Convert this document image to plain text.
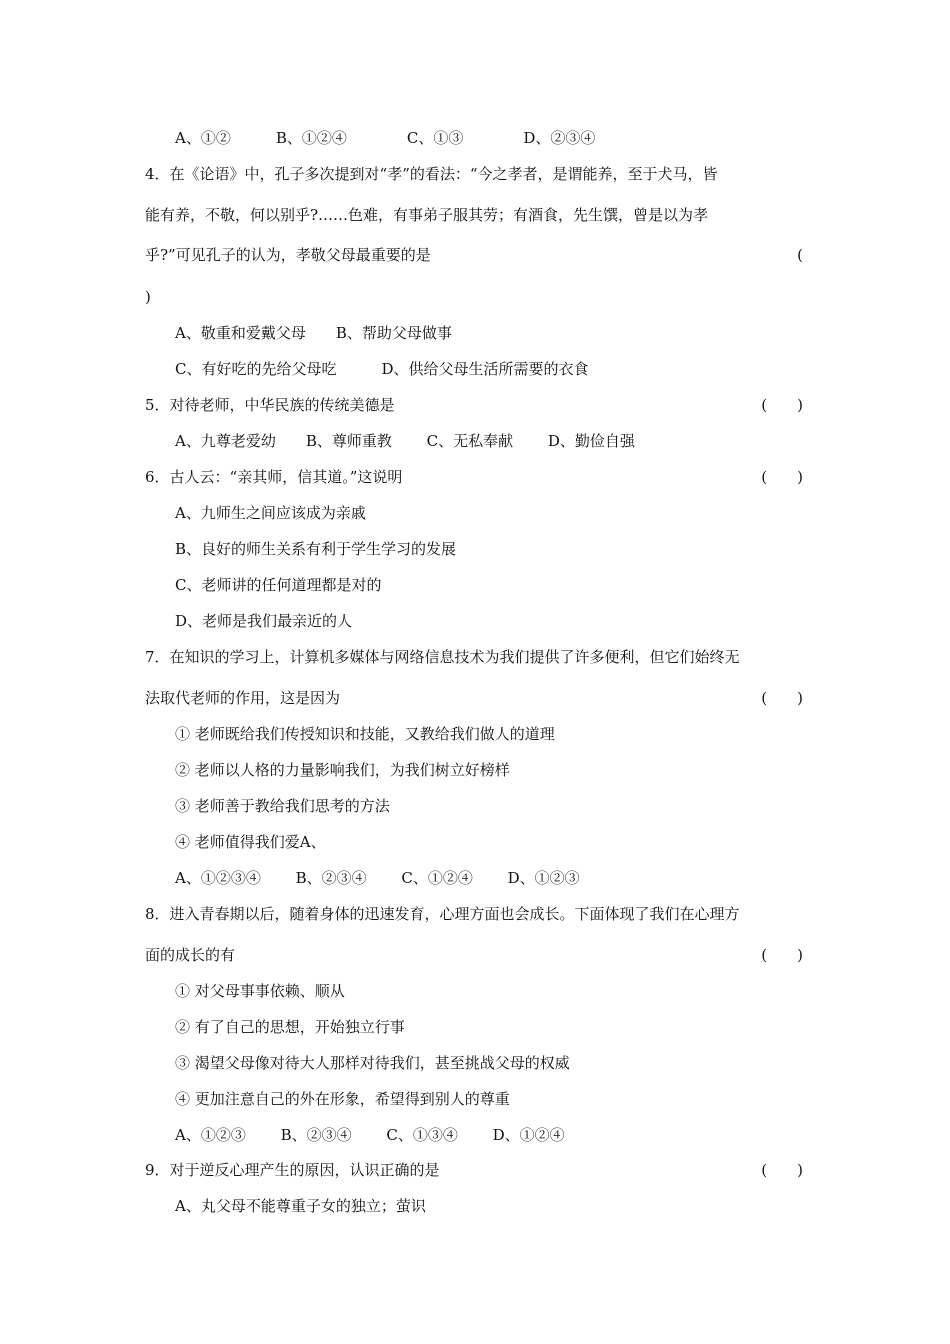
A、①②　　　B、①②④　　　　C、①③　　　　D、②③④
4．在《论语》中，孔子多次提到对“孝”的看法：“今之孝者，是谓能养，至于犬马，皆
能有养，不敬，何以别乎?……色难，有事弟子服其劳；有酒食，先生馔，曾是以为孝
乎?”可见孔子的认为，孝敬父母最重要的是	(
)
A、敬重和爱戴父母　　B、帮助父母做事
C、有好吃的先给父母吃　　　D、供给父母生活所需要的衣食
5．对待老师，中华民族的传统美德是	(　　)
A、九尊老爱幼　　B、尊师重教　　 C、无私奉献　　 D、勤俭自强
6．古人云：“亲其师，信其道。”这说明	(　　)
A、九师生之间应该成为亲戚
B、良好的师生关系有利于学生学习的发展
C、老师讲的任何道理都是对的
D、老师是我们最亲近的人
7．在知识的学习上，计算机多媒体与网络信息技术为我们提供了许多便利，但它们始终无
法取代老师的作用，这是因为	(　　)
① 老师既给我们传授知识和技能，又教给我们做人的道理
② 老师以人格的力量影响我们，为我们树立好榜样
③ 老师善于教给我们思考的方法
④ 老师值得我们爱A、
A、①②③④　　 B、②③④　　 C、①②④　　 D、①②③
8．进入青春期以后，随着身体的迅速发育，心理方面也会成长。下面体现了我们在心理方
面的成长的有	(　　)
① 对父母事事依赖、顺从
② 有了自己的思想，开始独立行事
③ 渴望父母像对待大人那样对待我们，甚至挑战父母的权威
④ 更加注意自己的外在形象，希望得到别人的尊重
A、①②③　　 B、②③④　　 C、①③④　　 D、①②④
9．对于逆反心理产生的原因，认识正确的是	(　　)
A、丸父母不能尊重子女的独立；萤识
